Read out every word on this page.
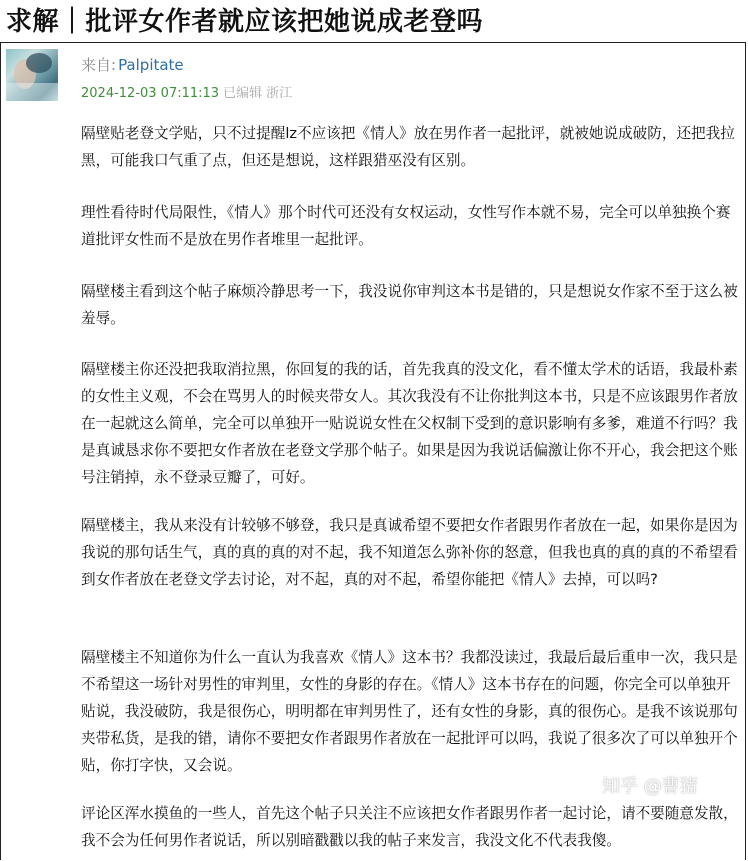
求解｜批评女作者就应该把她说成老登吗
来自: Palpitate
2024-12-03 07:11:13 已编辑 浙江
隔壁贴老登文学贴，只不过提醒lz不应该把《情人》放在男作者一起批评，就被她说成破防，还把我拉黑，可能我口气重了点，但还是想说，这样跟猎巫没有区别。
理性看待时代局限性，《情人》那个时代可还没有女权运动，女性写作本就不易，完全可以单独换个赛道批评女性而不是放在男作者堆里一起批评。
隔壁楼主看到这个帖子麻烦冷静思考一下，我没说你审判这本书是错的，只是想说女作家不至于这么被羞辱。
隔壁楼主你还没把我取消拉黑，你回复的我的话，首先我真的没文化，看不懂太学术的话语，我最朴素的女性主义观，不会在骂男人的时候夹带女人。其次我没有不让你批判这本书，只是不应该跟男作者放在一起就这么简单，完全可以单独开一贴说说女性在父权制下受到的意识影响有多爹，难道不行吗？我是真诚恳求你不要把女作者放在老登文学那个帖子。如果是因为我说话偏激让你不开心，我会把这个账号注销掉，永不登录豆瓣了，可好。
隔壁楼主，我从来没有计较够不够登，我只是真诚希望不要把女作者跟男作者放在一起，如果你是因为我说的那句话生气，真的真的真的对不起，我不知道怎么弥补你的怒意，但我也真的真的真的不希望看到女作者放在老登文学去讨论，对不起，真的对不起，希望你能把《情人》去掉，可以吗?
隔壁楼主不知道你为什么一直认为我喜欢《情人》这本书？我都没读过，我最后最后重申一次，我只是不希望这一场针对男性的审判里，女性的身影的存在。《情人》这本书存在的问题，你完全可以单独开贴说，我没破防，我是很伤心，明明都在审判男性了，还有女性的身影，真的很伤心。是我不该说那句夹带私货，是我的错，请你不要把女作者跟男作者放在一起批评可以吗，我说了很多次了可以单独开个贴，你打字快，又会说。
评论区浑水摸鱼的一些人，首先这个帖子只关注不应该把女作者跟男作者一起讨论，请不要随意发散，我不会为任何男作者说话，所以别暗戳戳以我的帖子来发言，我没文化不代表我傻。
知乎 @曹猪
